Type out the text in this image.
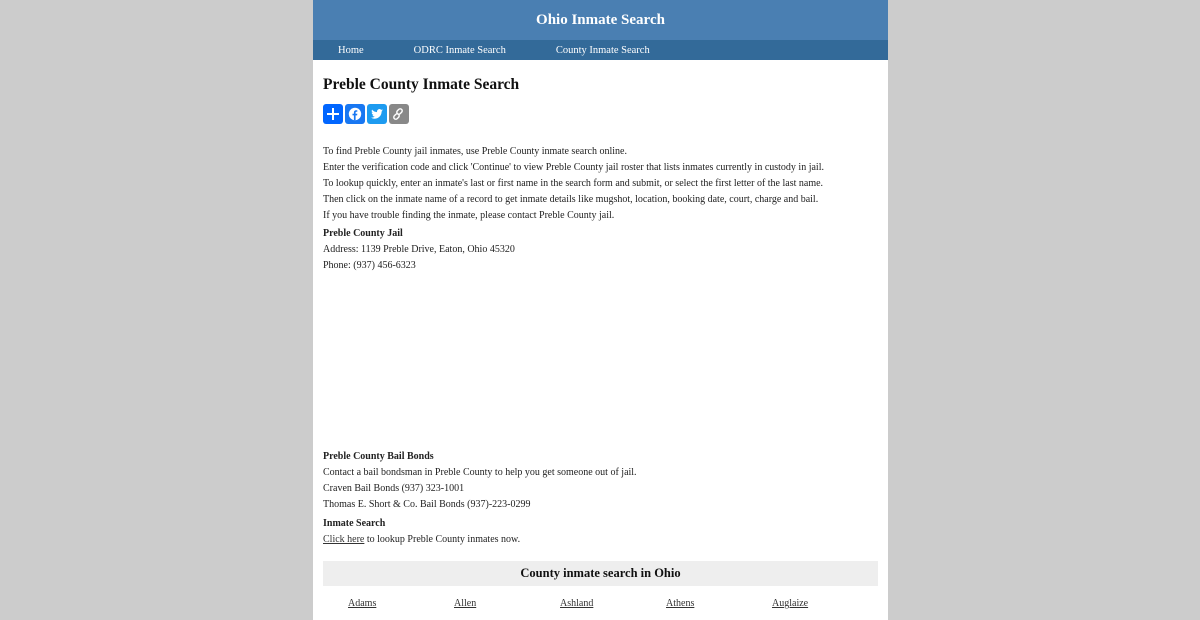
Ohio Inmate Search
Home	ODRC Inmate Search	County Inmate Search
Preble County Inmate Search

To find Preble County jail inmates, use Preble County inmate search online.

Enter the verification code and click 'Continue' to view Preble County jail roster that lists inmates currently in custody in jail.

To lookup quickly, enter an inmate's last or first name in the search form and submit, or select the first letter of the last name.

Then click on the inmate name of a record to get inmate details like mugshot, location, booking date, court, charge and bail.

If you have trouble finding the inmate, please contact Preble County jail.

Preble County Jail

Address: 1139 Preble Drive, Eaton, Ohio 45320

Phone: (937) 456-6323

Preble County Bail Bonds

Contact a bail bondsman in Preble County to help you get someone out of jail.

Craven Bail Bonds (937) 323-1001

Thomas E. Short & Co. Bail Bonds (937)-223-0299

Inmate Search

Click here to lookup Preble County inmates now.

County inmate search in Ohio
Adams	Allen	Ashland	Athens	Auglaize
